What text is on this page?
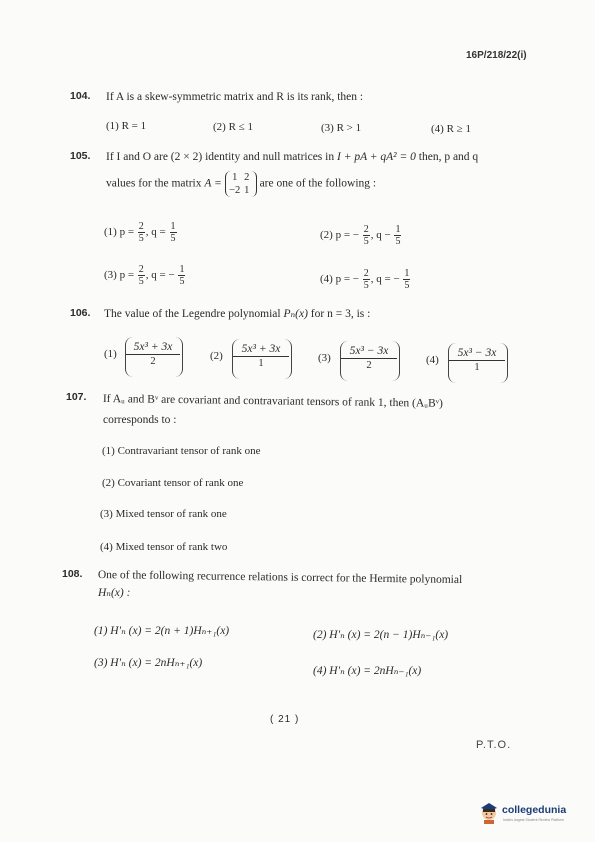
16P/218/22(i)
104. If A is a skew-symmetric matrix and R is its rank, then :
(1) R = 1	(2) R ≤ 1	(3) R > 1	(4) R ≥ 1
105. If I and O are (2 × 2) identity and null matrices in I + pA + qA² = 0 then, p and q
values for the matrix A = 1 2
−2 1 are one of the following :
(1) $p = \frac{2}{5}$ , $q = \frac{1}{5}$	(2) p = − $\frac{2}{5}$ , $q - \frac{1}{5}$
(3) $p = \frac{2}{5}$ , q = − $\frac{1}{5}$	(4) p = − $\frac{2}{5}$ , q = − $\frac{1}{5}$
106. The value of the Legendre polynomial Pₙ(x) for n = 3, is :
(1)
5x³ + 3x
2	(2)
5x³ + 3x
1	(3)
5x³ − 3x
2	(4)
5x³ − 3x
1
107. If Aᵤ and Bᵛ are covariant and contravariant tensors of rank 1, then (AᵤBᵛ)
corresponds to :
(1) Contravariant tensor of rank one
(2) Covariant tensor of rank one
(3) Mixed tensor of rank one
(4) Mixed tensor of rank two
108. One of the following recurrence relations is correct for the Hermite polynomial
Hₙ(x) :
(1) H′ₙ (x) = 2(n + 1)Hₙ₊₁(x)	(2) H′ₙ (x) = 2(n − 1)Hₙ₋₁(x)
(3) H′ₙ (x) = 2nHₙ₊₁(x)
(4) H′ₙ (x) = 2nHₙ₋₁(x)
( 21 )
P.T.O.
collegedunia
India's largest Student Review Platform
